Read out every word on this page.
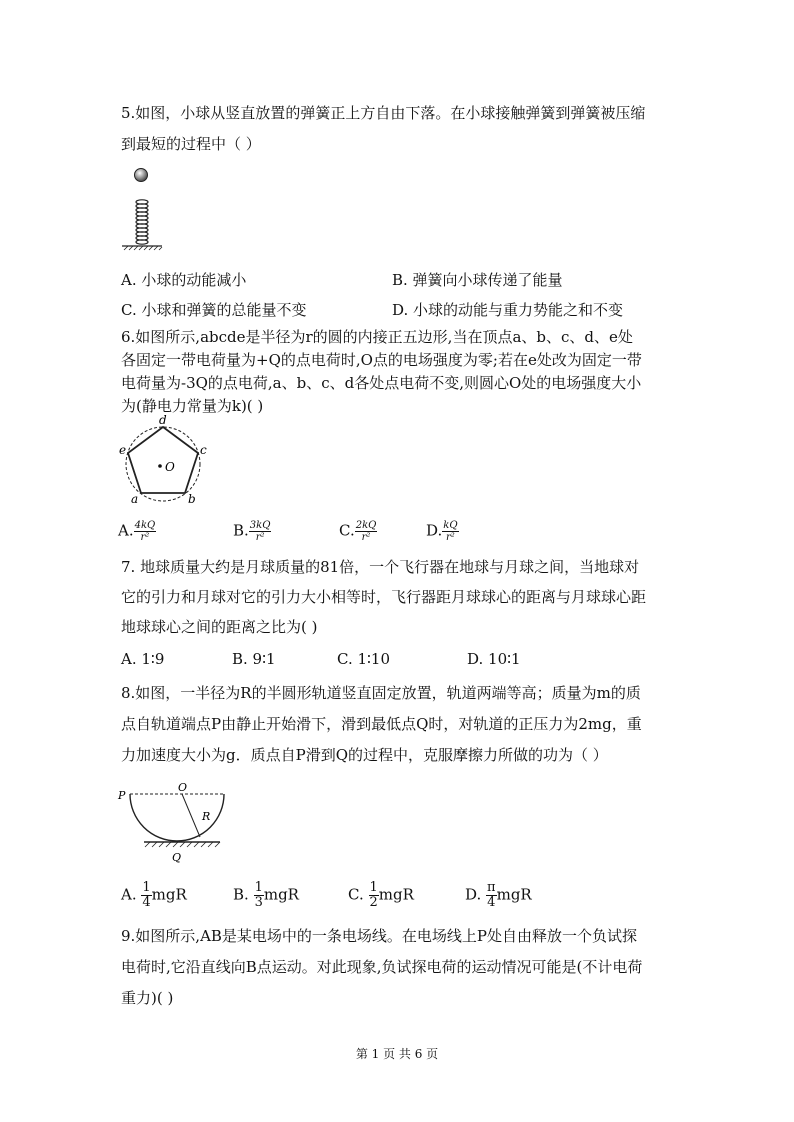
5.如图，小球从竖直放置的弹簧正上方自由下落。在小球接触弹簧到弹簧被压缩
到最短的过程中（ ）
A. 小球的动能减小	B. 弹簧向小球传递了能量
C. 小球和弹簧的总能量不变	D. 小球的动能与重力势能之和不变
6.如图所示,abcde是半径为r的圆的内接正五边形,当在顶点a、b、c、d、e处
各固定一带电荷量为+Q的点电荷时,O点的电场强度为零;若在e处改为固定一带
电荷量为-3Q的点电荷,a、b、c、d各处点电荷不变,则圆心O处的电场强度大小
为(静电力常量为k)( )
O
d
c
e
a	b
A. $\frac{4kQ}{\text{r²}}$	B. $\frac{3kQ}{\text{r²}}$	C. $\frac{2kQ}{\text{r²}}$	D. $\frac{kQ}{\text{r²}}$
7. 地球质量大约是月球质量的81倍，一个飞行器在地球与月球之间，当地球对
它的引力和月球对它的引力大小相等时，飞行器距月球球心的距离与月球球心距
地球球心之间的距离之比为( )
A. 1∶9	B. 9∶1	C. 1∶10	D. 10∶1
8.如图，一半径为R的半圆形轨道竖直固定放置，轨道两端等高；质量为m的质
点自轨道端点P由静止开始滑下，滑到最低点Q时，对轨道的正压力为2mg，重
力加速度大小为g．质点自P滑到Q的过程中，克服摩擦力所做的功为（ ）
P
O
R
Q
A. $\frac{1}{4}$ mgR	B. $\frac{1}{3}$ mgR	C. $\frac{1}{2}$ mgR	D. $\frac{\pi}{4}$ mgR
9.如图所示,AB是某电场中的一条电场线。在电场线上P处自由释放一个负试探
电荷时,它沿直线向B点运动。对此现象,负试探电荷的运动情况可能是(不计电荷
重力)( )
第 1 页 共 6 页
